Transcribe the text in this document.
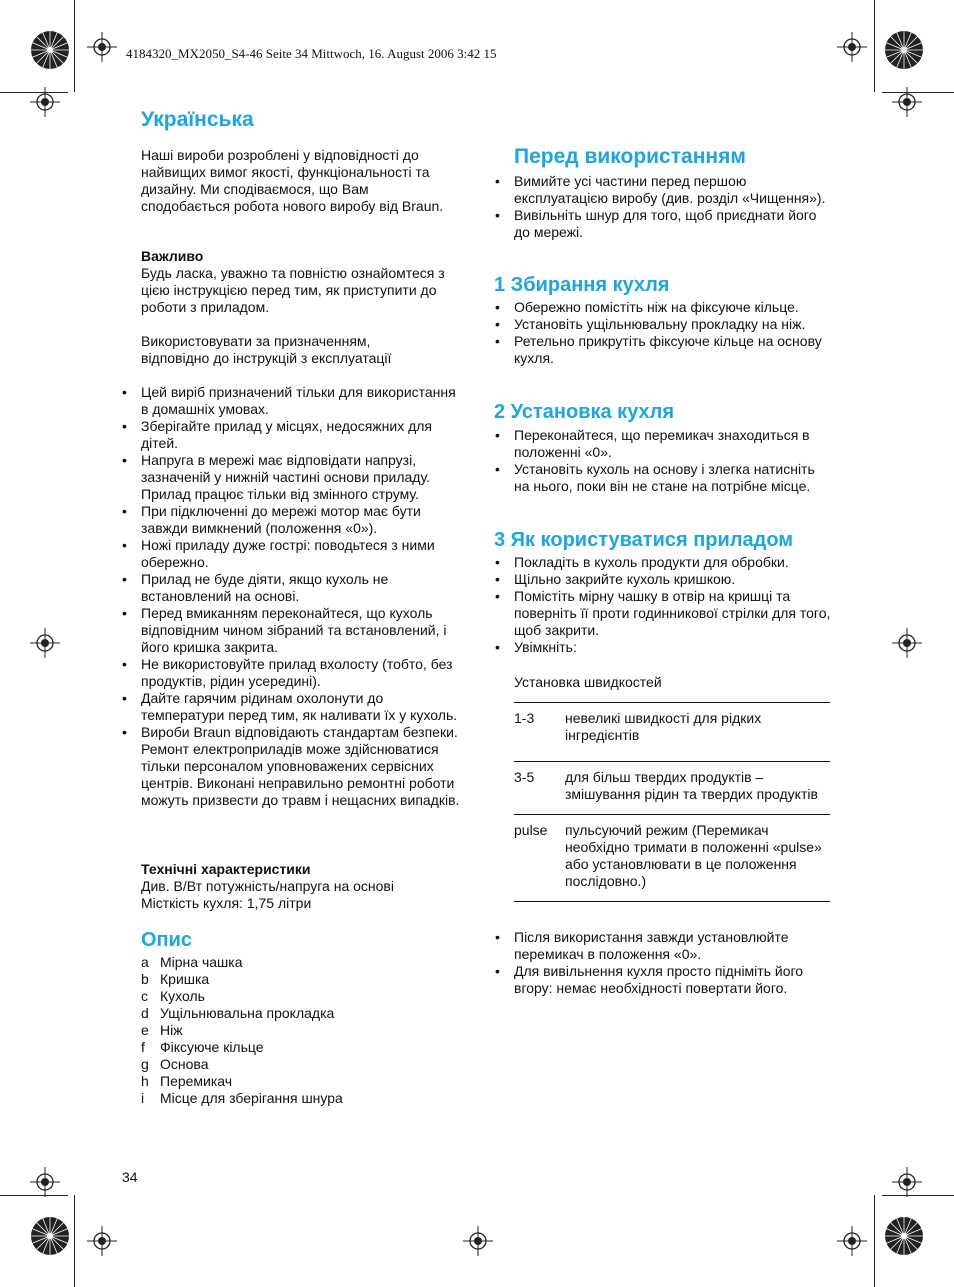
4184320_MX2050_S4-46 Seite 34 Mittwoch, 16. August 2006 3:42 15
Українська

Наші вироби розроблені у відповідності до найвищих вимог якості, функціональності та дизайну. Ми сподіваємося, що Вам сподобається робота нового виробу від Braun.

Важливо
Будь ласка, уважно та повністю ознайомтеся з цією інструкцією перед тим, як приступити до роботи з приладом.

Використовувати за призначенням, відповідно до інструкцій з експлуатації

• Цей виріб призначений тільки для використання в домашніх умовах.
• Зберігайте прилад у місцях, недосяжних для дітей.
• Напруга в мережі має відповідати напрузі, зазначеній у нижній частині основи приладу. Прилад працює тільки від змінного струму.
• При підключенні до мережі мотор має бути завжди вимкнений (положення «0»).
• Ножі приладу дуже гострі: поводьтеся з ними обережно.
• Прилад не буде діяти, якщо кухоль не встановлений на основі.
• Перед вмиканням переконайтеся, що кухоль відповідним чином зібраний та встановлений, і його кришка закрита.
• Не використовуйте прилад вхолосту (тобто, без продуктів, рідин усередині).
• Дайте гарячим рідинам охолонути до температури перед тим, як наливати їх у кухоль.
• Вироби Braun відповідають стандартам безпеки. Ремонт електроприладів може здійснюватися тільки персоналом уповноважених сервісних центрів. Виконані неправильно ремонтні роботи можуть призвести до травм і нещасних випадків.
Технічні характеристики
Див. В/Вт потужність/напруга на основі
Місткість кухля: 1,75 літри
Опис
a Мірна чашка
b Кришка
c Кухоль
d Ущільнювальна прокладка
e Ніж
f	Фіксуюче кільце
g Основа
h Перемикач
i	Місце для зберігання шнура
34
Перед використанням
• Вимийте усі частини перед першою експлуатацією виробу (див. розділ «Чищення»).
• Вивільніть шнур для того, щоб приєднати його до мережі.
1 Збирання кухля
• Обережно помістіть ніж на фіксуюче кільце.
• Установіть ущільнювальну прокладку на ніж.
• Ретельно прикрутіть фіксуюче кільце на основу кухля.
2 Установка кухля
• Переконайтеся, що перемикач знаходиться в положенні «0».
• Установіть кухоль на основу і злегка натисніть на нього, поки він не стане на потрібне місце.
3 Як користуватися приладом
• Покладіть в кухоль продукти для обробки.
• Щільно закрийте кухоль кришкою.
• Помістіть мірну чашку в отвір на кришці та поверніть її проти годинникової стрілки для того, щоб закрити.
• Увімкніть:
Установка швидкостей
1-3	невеликі швидкості для рідких інгредієнтів
3-5	для більш твердих продуктів – змішування рідин та твердих продуктів
pulse	пульсуючий режим (Перемикач необхідно тримати в положенні «pulse» або установлювати в це положення послідовно.)
• Після використання завжди установлюйте перемикач в положення «0».
• Для вивільнення кухля просто підніміть його вгору: немає необхідності повертати його.
